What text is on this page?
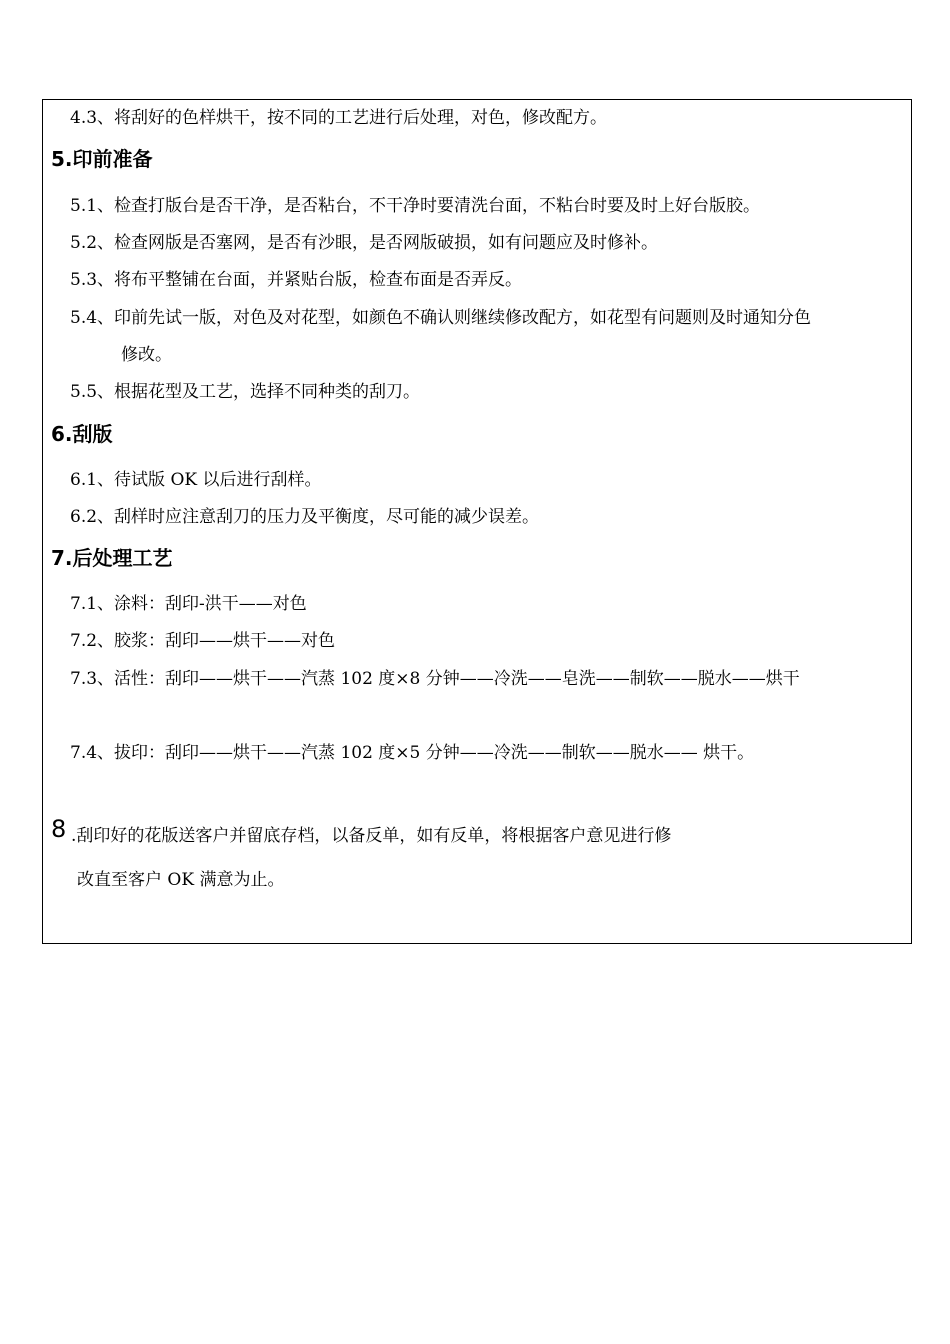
4.3、将刮好的色样烘干，按不同的工艺进行后处理，对色，修改配方。
5.印前准备
5.1、检查打版台是否干净，是否粘台，不干净时要清洗台面，不粘台时要及时上好台版胶。
5.2、检查网版是否塞网，是否有沙眼，是否网版破损，如有问题应及时修补。
5.3、将布平整铺在台面，并紧贴台版，检查布面是否弄反。
5.4、印前先试一版，对色及对花型，如颜色不确认则继续修改配方，如花型有问题则及时通知分色
修改。
5.5、根据花型及工艺，选择不同种类的刮刀。
6.刮版
6.1、待试版 OK 以后进行刮样。
6.2、刮样时应注意刮刀的压力及平衡度，尽可能的减少误差。
7.后处理工艺
7.1、涂料：刮印-洪干——对色
7.2、胶浆：刮印——烘干——对色
7.3、活性：刮印——烘干——汽蒸 102 度×8 分钟——冷洗——皂洗——制软——脱水——烘干
7.4、拔印：刮印——烘干——汽蒸 102 度×5 分钟——冷洗——制软——脱水—— 烘干。
8 .刮印好的花版送客户并留底存档，以备反单，如有反单，将根据客户意见进行修
改直至客户 OK 满意为止。
